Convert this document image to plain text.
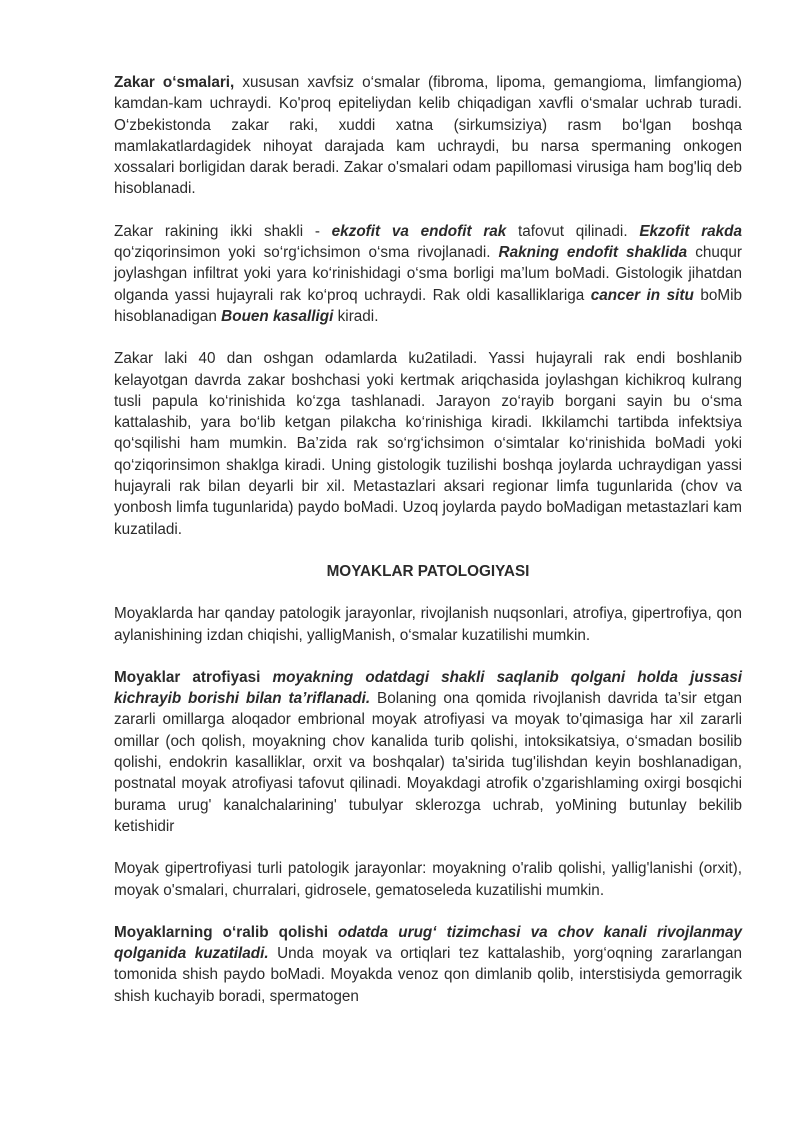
Zakar o‘smalari, xususan xavfsiz o‘smalar (fibroma, lipoma, gemangioma, limfangioma) kamdan-kam uchraydi. Ko'proq epiteliydan kelib chiqadigan xavfli o‘smalar uchrab turadi. O‘zbekistonda zakar raki, xuddi xatna (sirkumsiziya) rasm bo‘lgan boshqa mamlakatlardagidek nihoyat darajada kam uchraydi, bu narsa spermaning onkogen xossalari borligidan darak beradi. Zakar o'smalari odam papillomasi virusiga ham bog'liq deb hisoblanadi.

Zakar rakining ikki shakli - ekzofit va endofit rak tafovut qilinadi. Ekzofit rakda qo‘ziqorinsimon yoki so‘rg‘ichsimon o‘sma rivojlanadi. Rakning endofit shaklida chuqur joylashgan infiltrat yoki yara ko‘rinishidagi o‘sma borligi ma’lum boMadi. Gistologik jihatdan olganda yassi hujayrali rak ko‘proq uchraydi. Rak oldi kasalliklariga cancer in situ boMib hisoblanadigan Bouen kasalligi kiradi.

Zakar laki 40 dan oshgan odamlarda ku2atiladi. Yassi hujayrali rak endi boshlanib kelayotgan davrda zakar boshchasi yoki kertmak ariqchasida joylashgan kichikroq kulrang tusli papula ko‘rinishida ko‘zga tashlanadi. Jarayon zo‘rayib borgani sayin bu o‘sma kattalashib, yara bo‘lib ketgan pilakcha ko‘rinishiga kiradi. Ikkilamchi tartibda infektsiya qo‘sqilishi ham mumkin. Ba’zida rak so‘rg‘ichsimon o‘simtalar ko‘rinishida boMadi yoki qo‘ziqorinsimon shaklga kiradi. Uning gistologik tuzilishi boshqa joylarda uchraydigan yassi hujayrali rak bilan deyarli bir xil. Metastazlari aksari regionar limfa tugunlarida (chov va yonbosh limfa tugunlarida) paydo boMadi. Uzoq joylarda paydo boMadigan metastazlari kam kuzatiladi.

MOYAKLAR PATOLOGIYASI

Moyaklarda har qanday patologik jarayonlar, rivojlanish nuqsonlari, atrofiya, gipertrofiya, qon aylanishining izdan chiqishi, yalligManish, o‘smalar kuzatilishi mumkin.

Moyaklar atrofiyasi moyakning odatdagi shakli saqlanib qolgani holda jussasi kichrayib borishi bilan ta’riflanadi. Bolaning ona qomida rivojlanish davrida ta’sir etgan zararli omillarga aloqador embrional moyak atrofiyasi va moyak to'qimasiga har xil zararli omillar (och qolish, moyakning chov kanalida turib qolishi, intoksikatsiya, o‘smadan bosilib qolishi, endokrin kasalliklar, orxit va boshqalar) ta'sirida tug'ilishdan keyin boshlanadigan, postnatal moyak atrofiyasi tafovut qilinadi. Moyakdagi atrofik o'zgarishlaming oxirgi bosqichi burama urug' kanalchalarining' tubulyar sklerozga uchrab, yoMining butunlay bekilib ketishidir

Moyak gipertrofiyasi turli patologik jarayonlar: moyakning o'ralib qolishi, yallig'lanishi (orxit), moyak o'smalari, churralari, gidrosele, gematoseleda kuzatilishi mumkin.

Moyaklarning o‘ralib qolishi odatda urug‘ tizimchasi va chov kanali rivojlanmay qolganida kuzatiladi. Unda moyak va ortiqlari tez kattalashib, yorg‘oqning zararlangan tomonida shish paydo boMadi. Moyakda venoz qon dimlanib qolib, interstisiyda gemorragik shish kuchayib boradi, spermatogen
